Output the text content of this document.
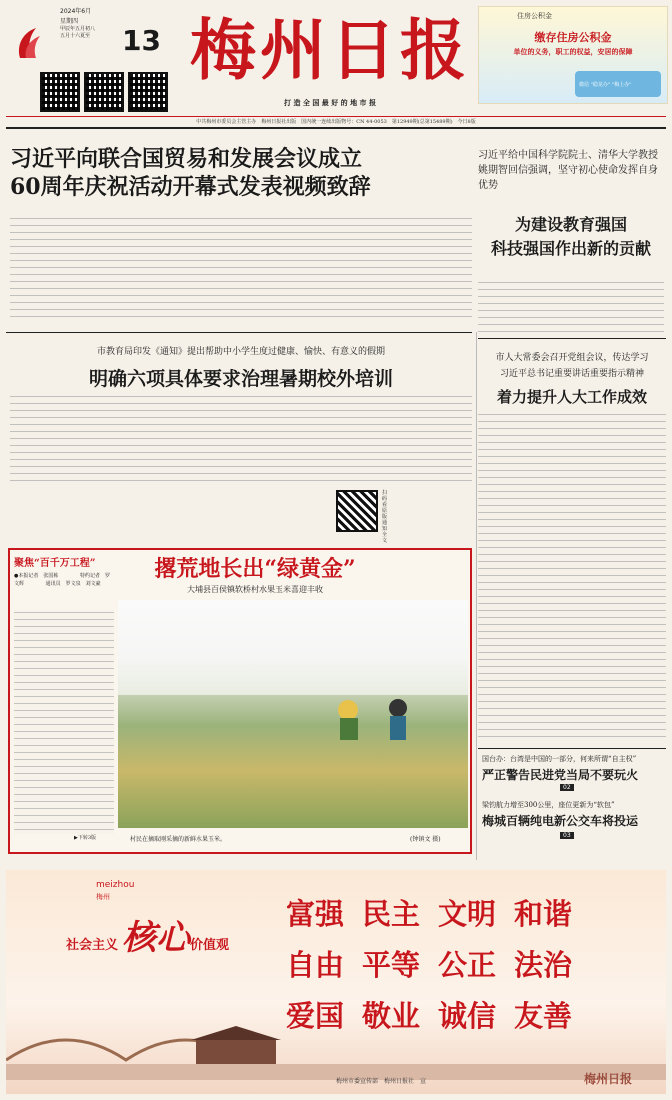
2024年6月
星期四
甲辰年五月初八
五月十六夏至 13 梅州日报
打 造 全 国 最 好 的 地 市 报
住房公积金
缴存住房公积金
单位的义务，职工的权益，安居的保障
微信 "稳龙办" "梅上办"
中共梅州市委员会主管主办　梅州日报社出版　国内统一连续出版物号：CN 44-0053　第12949期(总第15489期)　今日8版
习近平向联合国贸易和发展会议成立
60周年庆祝活动开幕式发表视频致辞
习近平给中国科学院院士、清华大学教授姚期智回信强调，坚守初心使命发挥自身优势
为建设教育强国
科技强国作出新的贡献
市教育局印发《通知》提出帮助中小学生度过健康、愉快、有意义的假期
明确六项具体要求治理暑期校外培训
扫码看原版通知全文
市人大常委会召开党组会议，传达学习
习近平总书记重要讲话重要指示精神
着力提升人大工作成效
聚焦“百千万工程”
●本报记者　张国栋　　　　 特约记者　罗文辉　　　　 通讯员　罗文泉　刘文豪
撂荒地长出“绿黄金”
大埔县百侯镇软桥村水果玉米喜迎丰收
村民在摘取刚采摘的新鲜水果玉米。	(钟镇文 摄)
▶下转3版
国台办：台湾是中国的一部分，何来所谓“自主权”
严正警告民进党当局不要玩火
02
梁钧航力增至300公里，座位更新为“软包”
梅城百辆纯电新公交车将投运
03
meizhou
梅州
社会主义 核心 价值观
富强 民主 文明 和谐
自由 平等 公正 法治
爱国 敬业 诚信 友善
梅州市委宣传部　梅州日报社　宣	梅州日报
